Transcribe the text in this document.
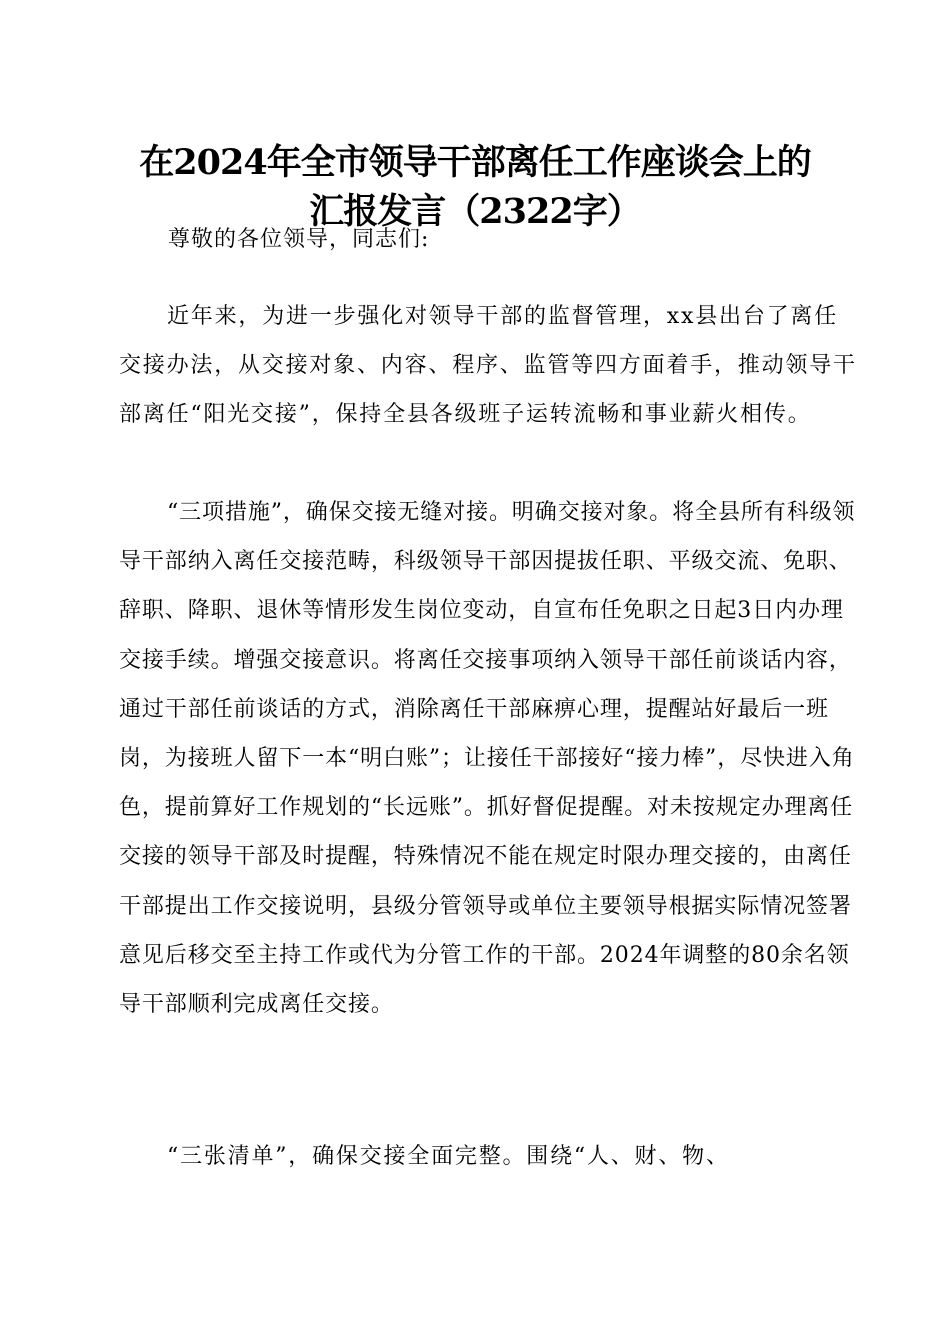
在2024年全市领导干部离任工作座谈会上的
汇报发言（2322字）
尊敬的各位领导，同志们:

近年来，为进一步强化对领导干部的监督管理，xx县出台了离任交接办法，从交接对象、内容、程序、监管等四方面着手，推动领导干部离任“阳光交接”，保持全县各级班子运转流畅和事业薪火相传。

“三项措施”，确保交接无缝对接。明确交接对象。将全县所有科级领导干部纳入离任交接范畴，科级领导干部因提拔任职、平级交流、免职、辞职、降职、退休等情形发生岗位变动，自宣布任免职之日起3日内办理交接手续。增强交接意识。将离任交接事项纳入领导干部任前谈话内容，通过干部任前谈话的方式，消除离任干部麻痹心理，提醒站好最后一班岗，为接班人留下一本“明白账”；让接任干部接好“接力棒”，尽快进入角色，提前算好工作规划的“长远账”。抓好督促提醒。对未按规定办理离任交接的领导干部及时提醒，特殊情况不能在规定时限办理交接的，由离任干部提出工作交接说明，县级分管领导或单位主要领导根据实际情况签署意见后移交至主持工作或代为分管工作的干部。2024年调整的80余名领导干部顺利完成离任交接。

“三张清单”，确保交接全面完整。围绕“人、财、物、
